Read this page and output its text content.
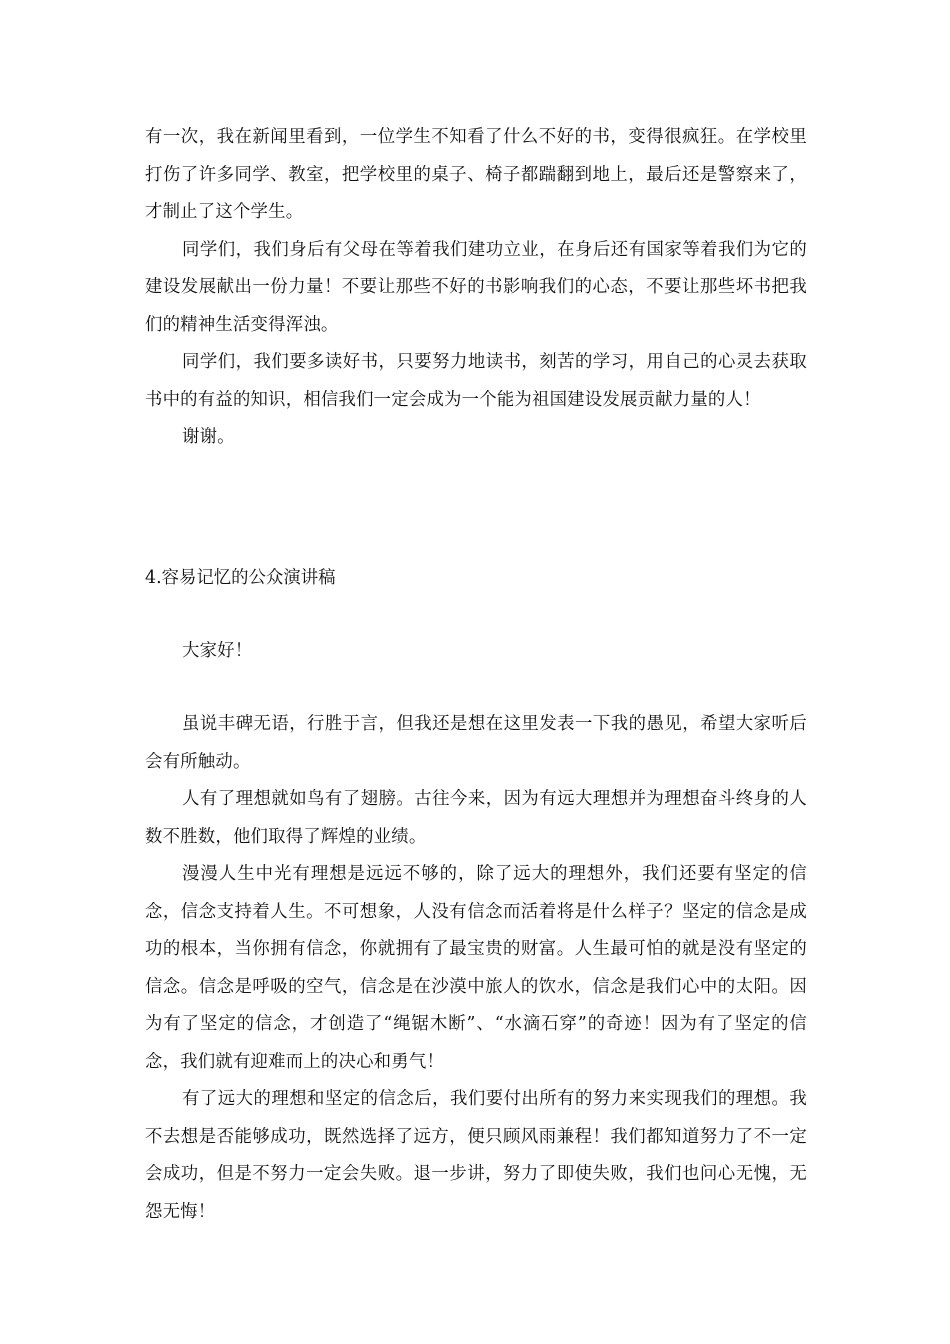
有一次，我在新闻里看到，一位学生不知看了什么不好的书，变得很疯狂。在学校里打伤了许多同学、教室，把学校里的桌子、椅子都踹翻到地上，最后还是警察来了，才制止了这个学生。

同学们，我们身后有父母在等着我们建功立业，在身后还有国家等着我们为它的建设发展献出一份力量！不要让那些不好的书影响我们的心态，不要让那些坏书把我们的精神生活变得浑浊。

同学们，我们要多读好书，只要努力地读书，刻苦的学习，用自己的心灵去获取书中的有益的知识，相信我们一定会成为一个能为祖国建设发展贡献力量的人！

谢谢。

4.容易记忆的公众演讲稿

大家好！

虽说丰碑无语，行胜于言，但我还是想在这里发表一下我的愚见，希望大家听后会有所触动。

人有了理想就如鸟有了翅膀。古往今来，因为有远大理想并为理想奋斗终身的人数不胜数，他们取得了辉煌的业绩。

漫漫人生中光有理想是远远不够的，除了远大的理想外，我们还要有坚定的信念，信念支持着人生。不可想象，人没有信念而活着将是什么样子？坚定的信念是成功的根本，当你拥有信念，你就拥有了最宝贵的财富。人生最可怕的就是没有坚定的信念。信念是呼吸的空气，信念是在沙漠中旅人的饮水，信念是我们心中的太阳。因为有了坚定的信念，才创造了“绳锯木断”、“水滴石穿”的奇迹！因为有了坚定的信念，我们就有迎难而上的决心和勇气！

有了远大的理想和坚定的信念后，我们要付出所有的努力来实现我们的理想。我不去想是否能够成功，既然选择了远方，便只顾风雨兼程！我们都知道努力了不一定会成功，但是不努力一定会失败。退一步讲，努力了即使失败，我们也问心无愧，无怨无悔！
